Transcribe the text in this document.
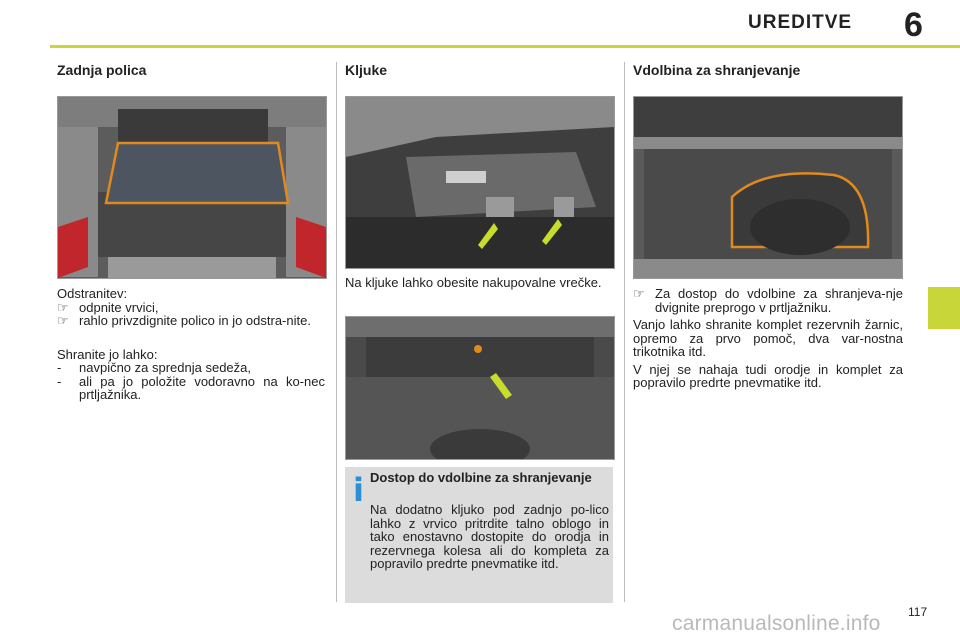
UREDITVE 6
Zadnja polica

Odstranitev:

☞ odpnite vrvici,

☞ rahlo privzdignite polico in jo odstra-nite.

Shranite jo lahko:

- navpično za sprednja sedeža,

- ali pa jo položite vodoravno na ko-nec prtljažnika.

Kljuke
Na kljuke lahko obesite nakupovalne vrečke.
i Dostop do vdolbine za shranjevanje
Na dodatno kljuko pod zadnjo po-lico lahko z vrvico pritrdite talno oblogo in tako enostavno dostopite do orodja in rezervnega kolesa ali do kompleta za popravilo predrte pnevmatike itd.
Vdolbina za shranjevanje

☞ Za dostop do vdolbine za shranjeva-nje dvignite preprogo v prtljažniku.

Vanjo lahko shranite komplet rezervnih žarnic, opremo za prvo pomoč, dva var-nostna trikotnika itd.

V njej se nahaja tudi orodje in komplet za popravilo predrte pnevmatike itd.

117
carmanualsonline.info
